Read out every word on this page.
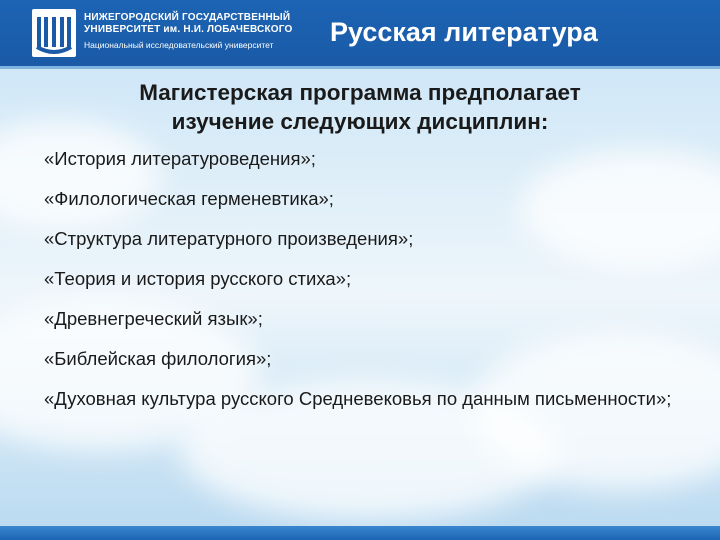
НИЖЕГОРОДСКИЙ ГОСУДАРСТВЕННЫЙ
УНИВЕРСИТЕТ им. Н.И. ЛОБАЧЕВСКОГО
Национальный исследовательский университет	Русская литература
Магистерская программа предполагает
изучение следующих дисциплин:
«История литературоведения»;
«Филологическая герменевтика»;
«Структура литературного произведения»;
«Теория и история русского стиха»;
«Древнегреческий язык»;
«Библейская филология»;
«Духовная культура русского Средневековья по данным письменности»;
